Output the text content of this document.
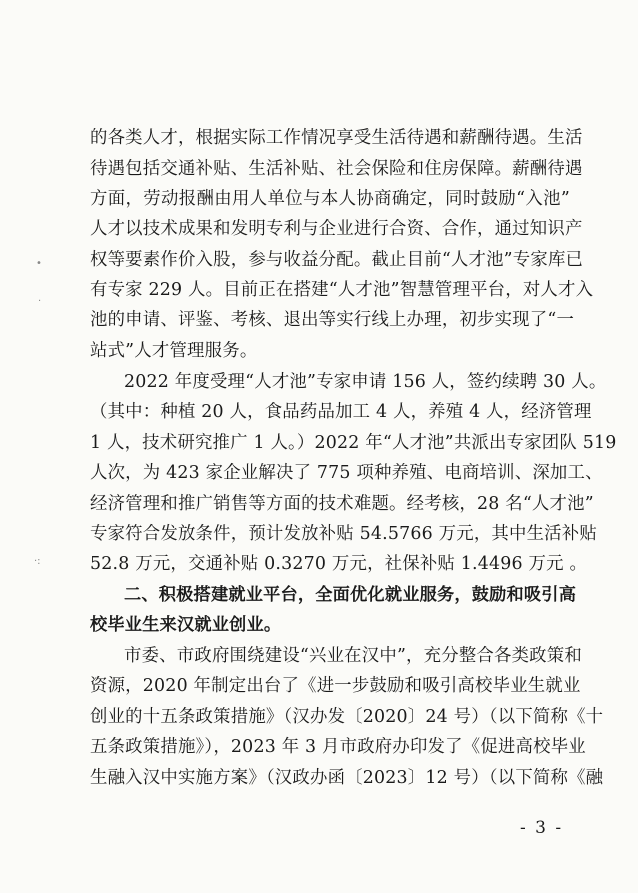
•
·
·:
的各类人才，根据实际工作情况享受生活待遇和薪酬待遇。生活
待遇包括交通补贴、生活补贴、社会保险和住房保障。薪酬待遇
方面，劳动报酬由用人单位与本人协商确定，同时鼓励“入池”
人才以技术成果和发明专利与企业进行合资、合作，通过知识产
权等要素作价入股，参与收益分配。截止目前“人才池”专家库已
有专家 229 人。目前正在搭建“人才池”智慧管理平台，对人才入
池的申请、评鉴、考核、退出等实行线上办理，初步实现了“一
站式”人才管理服务。
2022 年度受理“人才池”专家申请 156 人，签约续聘 30 人。
（其中：种植 20 人，食品药品加工 4 人，养殖 4 人，经济管理
1 人，技术研究推广 1 人。）2022 年“人才池”共派出专家团队 519
人次，为 423 家企业解决了 775 项种养殖、电商培训、深加工、
经济管理和推广销售等方面的技术难题。经考核，28 名“人才池”
专家符合发放条件，预计发放补贴 54.5766 万元，其中生活补贴
52.8 万元，交通补贴 0.3270 万元，社保补贴 1.4496 万元 。
二、积极搭建就业平台，全面优化就业服务，鼓励和吸引高
校毕业生来汉就业创业。
市委、市政府围绕建设“兴业在汉中”，充分整合各类政策和
资源，2020 年制定出台了《进一步鼓励和吸引高校毕业生就业
创业的十五条政策措施》（汉办发〔2020〕24 号）（以下简称《十
五条政策措施》），2023 年 3 月市政府办印发了《促进高校毕业
生融入汉中实施方案》（汉政办函〔2023〕12 号）（以下简称《融
- 3 -
